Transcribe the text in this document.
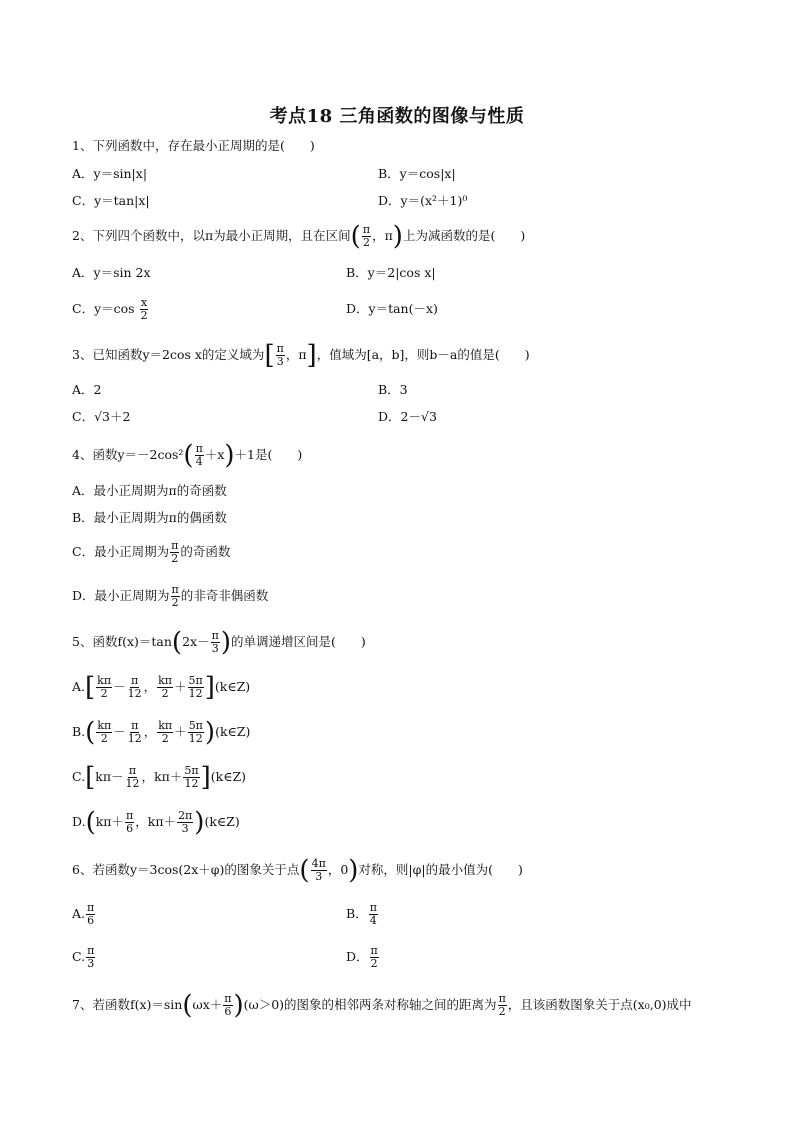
考点18 三角函数的图像与性质
1、下列函数中，存在最小正周期的是(　　)
A．y＝sin|x|	B．y＝cos|x|
C．y＝tan|x|	D．y＝(x²＋1)⁰
2、下列四个函数中，以π为最小正周期，且在区间( $\frac{\pi}{2}$ ，π)上为减函数的是(　　)
A．y＝sin 2x	B．y＝2|cos x|
C．$y=\cos \frac{x}{2}$	D．y＝tan(－x)
3、已知函数y＝2cos x的定义域为[ $\frac{\pi}{3}$ ，π]，值域为[a，b]，则b－a的值是(　　)
A．2	B．3
C．√3＋2	D．2－√3
4、函数$y=-2\cos^2( \frac{\pi}{4} +x)+1$是(　　)
A．最小正周期为π的奇函数
B．最小正周期为π的偶函数
C．最小正周期为 $\frac{\pi}{2}$ 的奇函数
D．最小正周期为 $\frac{\pi}{2}$ 的非奇非偶函数
5、函数$f(x)=\tan(2x- \frac{\pi}{3}$ )的单调递增区间是(　　)
$A.[ \frac{k\pi}{2} - \frac{\pi}{12}$ ， $\frac{k\pi}{2} + \frac{5\pi}{12}$ ](k∈Z)
$B.( \frac{k\pi}{2} - \frac{\pi}{12}$ ， $\frac{k\pi}{2} + \frac{5\pi}{12}$ )(k∈Z)
$C.[k\pi- \frac{\pi}{12}$ ，$k\pi+ \frac{5\pi}{12}$ ](k∈Z)
$D.(k\pi+ \frac{\pi}{6}$ ，$k\pi+ \frac{2\pi}{3}$ )(k∈Z)
6、若函数y＝3cos(2x＋φ)的图象关于点( $\frac{4\pi}{3}$ ，0)对称，则|φ|的最小值为(　　)
A. $\frac{\pi}{6}$	B． $\frac{\pi}{4}$
C. $\frac{\pi}{3}$	D． $\frac{\pi}{2}$
7、若函数$f(x)=\sin(\omega x+ \frac{\pi}{6} )(\omega>0)$的图象的相邻两条对称轴之间的距离为 $\frac{\pi}{2}$ ，且该函数图象关于点(x₀,0)成中
